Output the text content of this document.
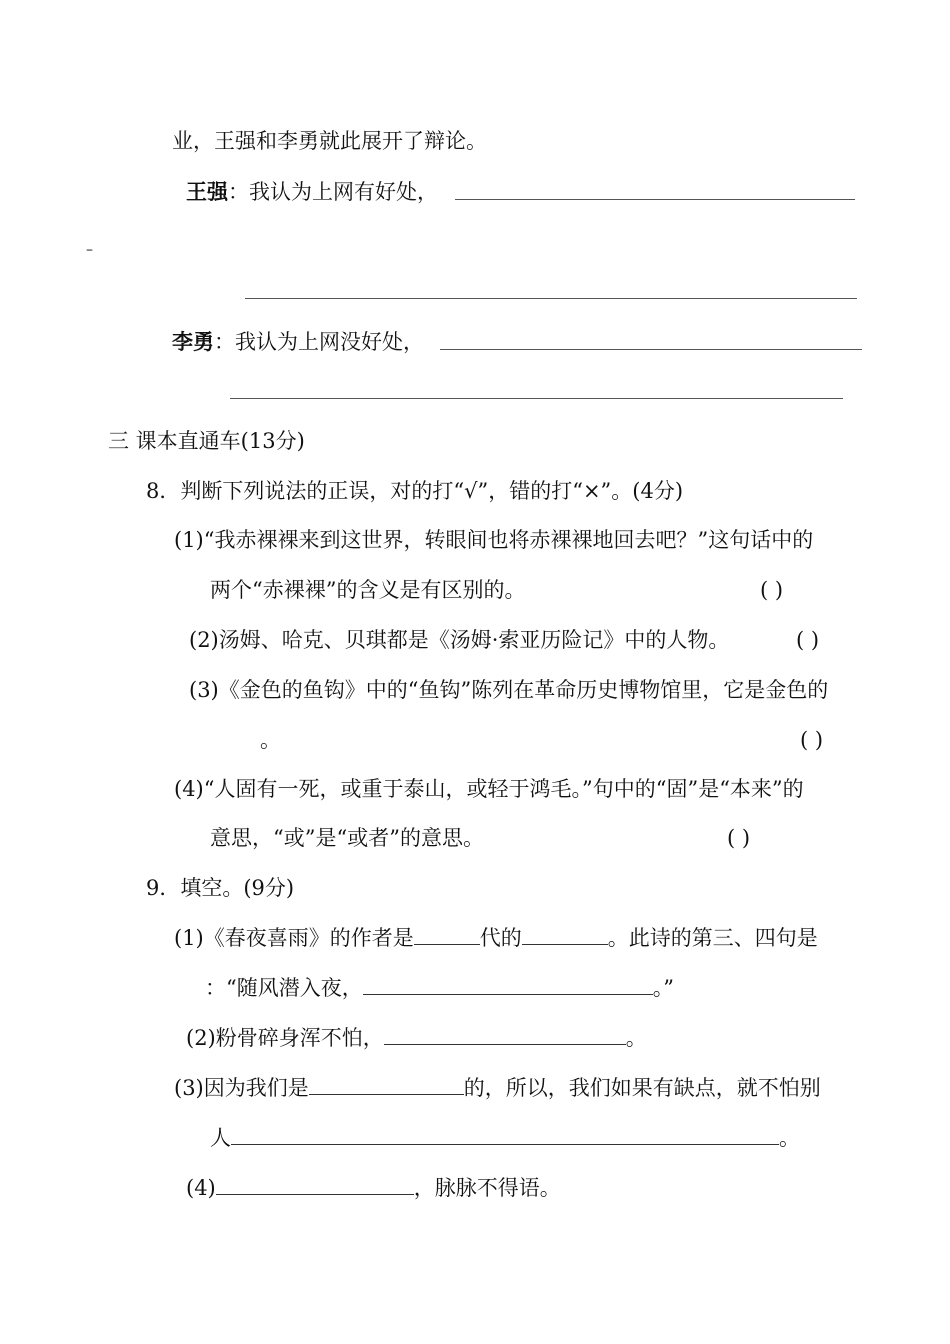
业，王强和李勇就此展开了辩论。
王强：我认为上网有好处，
–
李勇：我认为上网没好处，
三 课本直通车(13分)
8．判断下列说法的正误，对的打“√”，错的打“×”。(4分)
(1)“我赤裸裸来到这世界，转眼间也将赤裸裸地回去吧？”这句话中的
两个“赤裸裸”的含义是有区别的。	( )
(2)汤姆、哈克、贝琪都是《汤姆·索亚历险记》中的人物。	( )
(3)《金色的鱼钩》中的“鱼钩”陈列在革命历史博物馆里，它是金色的
。	( )
(4)“人固有一死，或重于泰山，或轻于鸿毛。”句中的“固”是“本来”的
意思，“或”是“或者”的意思。	( )
9．填空。(9分)
(1)《春夜喜雨》的作者是	代的	。此诗的第三、四句是
：“随风潜入夜，	。”
(2)粉骨碎身浑不怕，	。
(3)因为我们是	的，所以，我们如果有缺点，就不怕别
人	。
(4)	，脉脉不得语。
